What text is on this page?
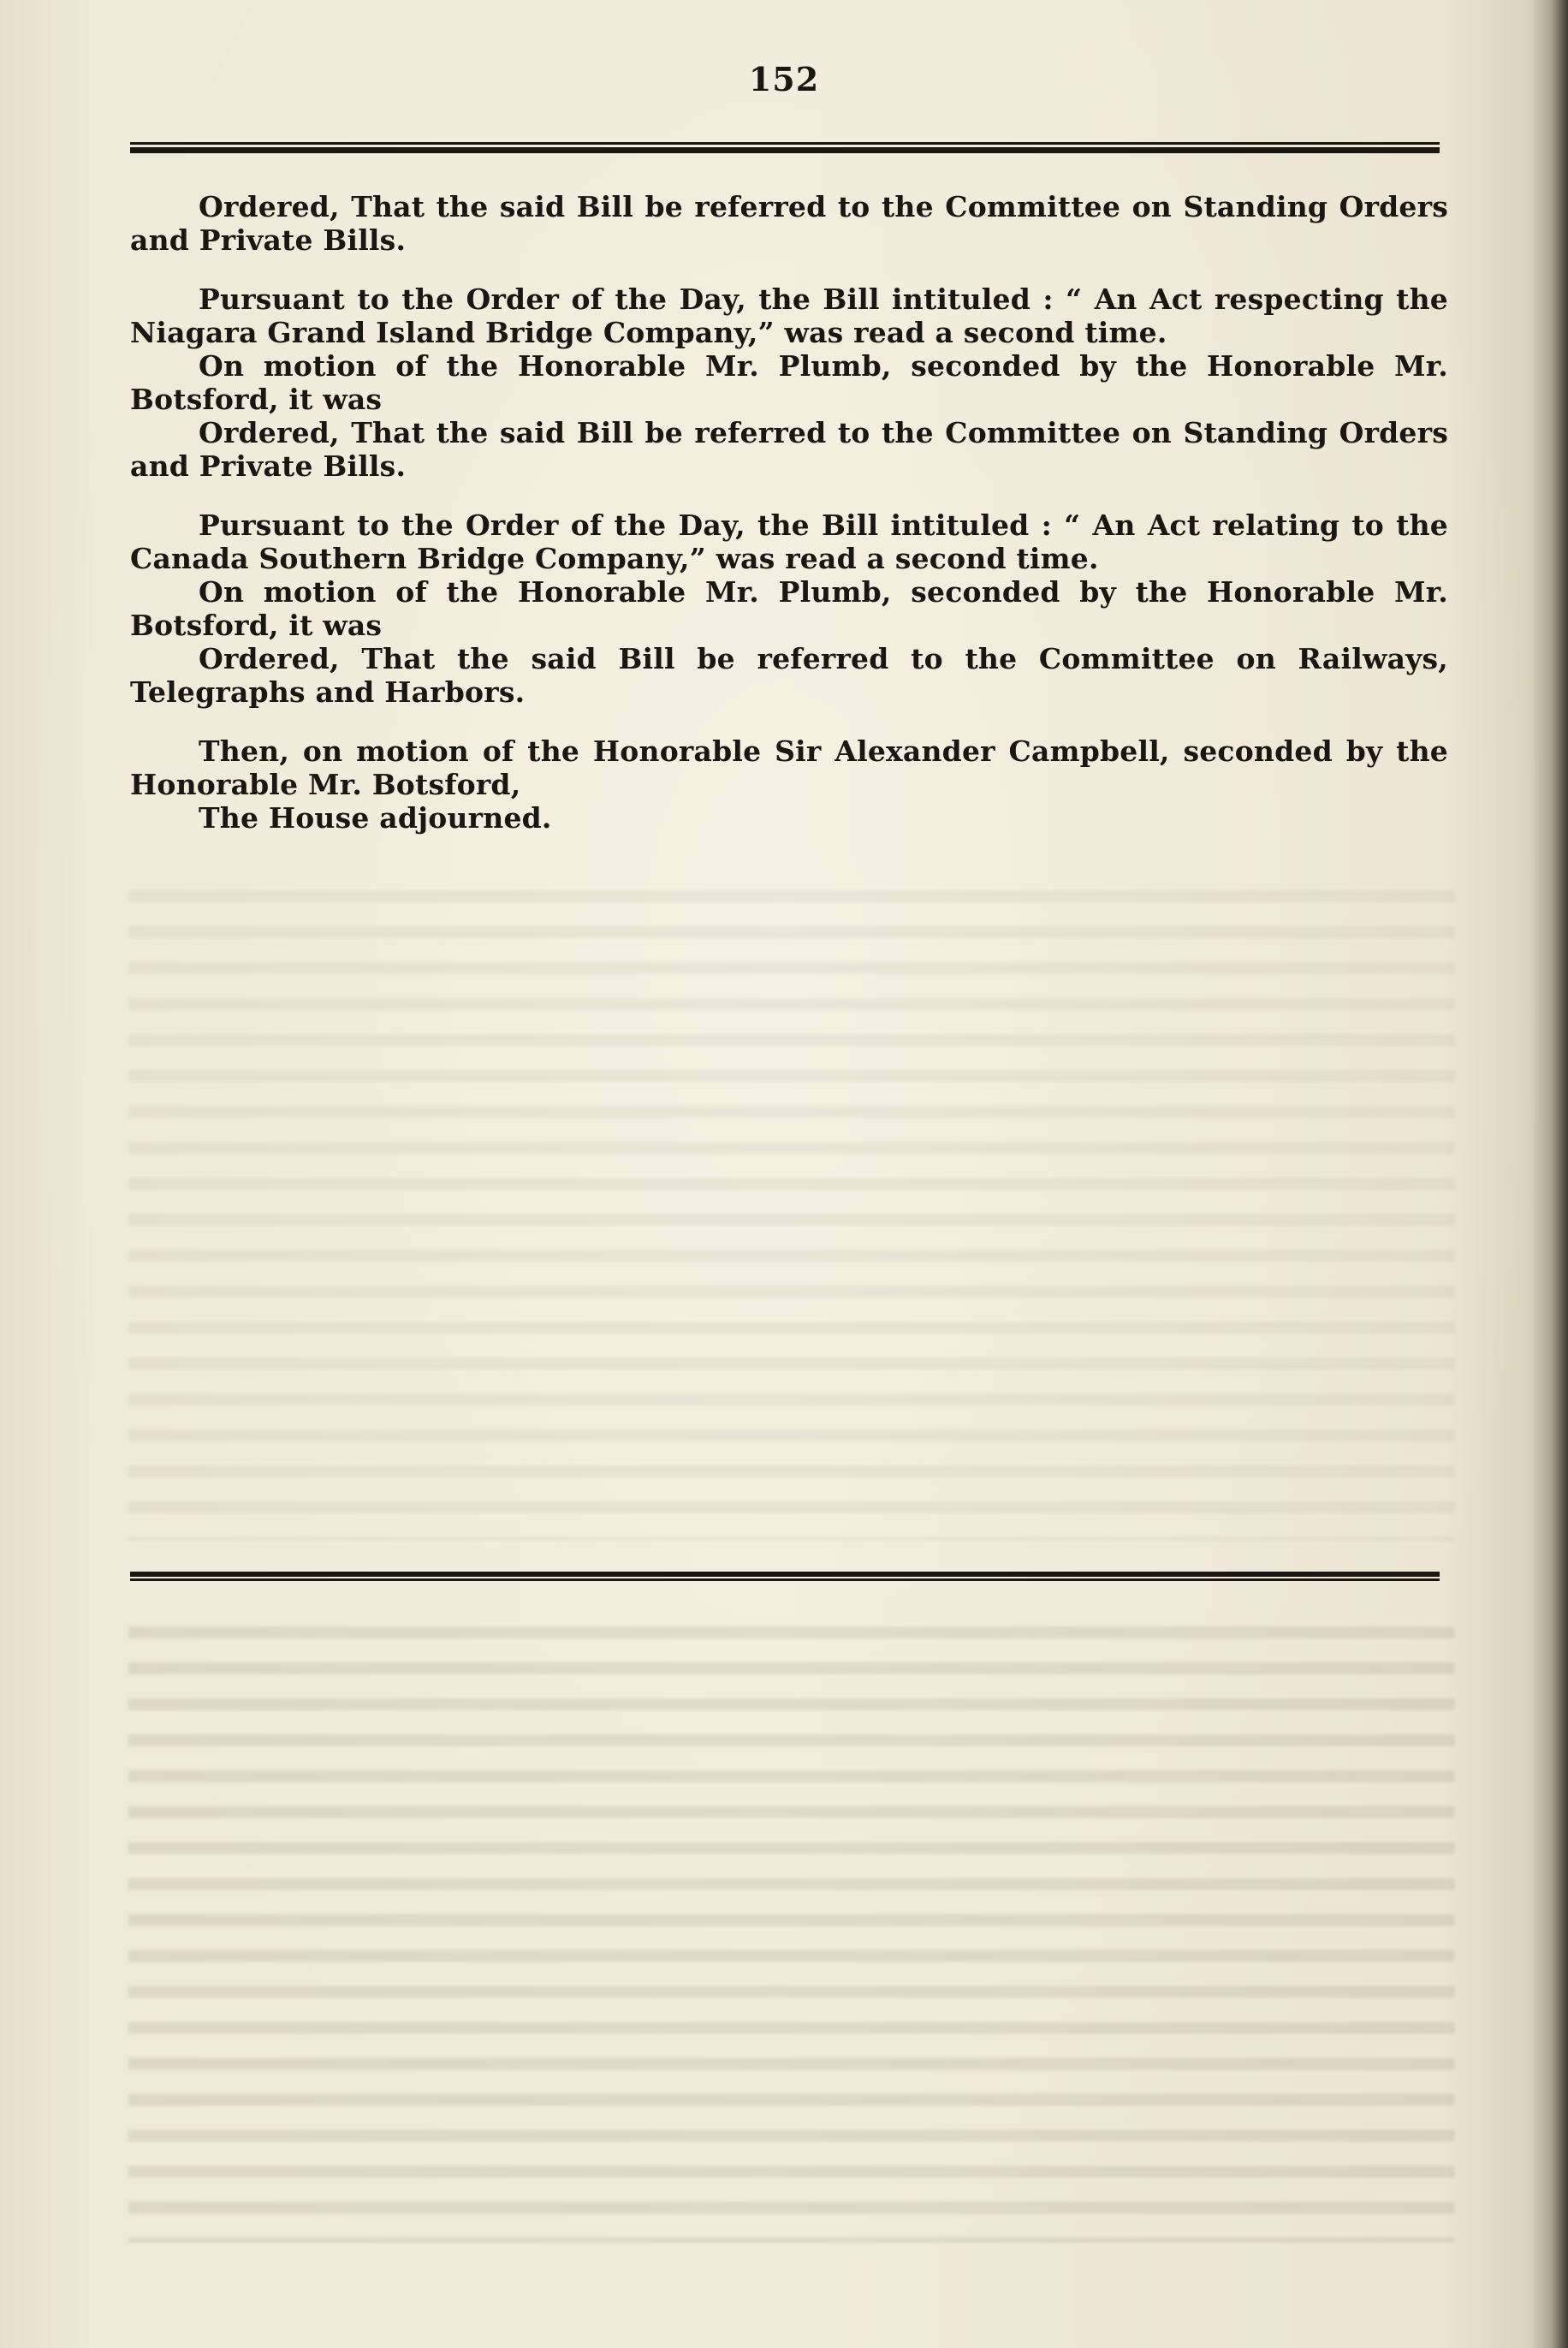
152

Ordered, That the said Bill be referred to the Committee on Standing Orders and Private Bills.

Pursuant to the Order of the Day, the Bill intituled : “ An Act respecting the Niagara Grand Island Bridge Company,” was read a second time.

On motion of the Honorable Mr. Plumb, seconded by the Honorable Mr. Botsford, it was

Ordered, That the said Bill be referred to the Committee on Standing Orders and Private Bills.

Pursuant to the Order of the Day, the Bill intituled : “ An Act relating to the Canada Southern Bridge Company,” was read a second time.

On motion of the Honorable Mr. Plumb, seconded by the Honorable Mr. Botsford, it was

Ordered, That the said Bill be referred to the Committee on Railways, Telegraphs and Harbors.

Then, on motion of the Honorable Sir Alexander Campbell, seconded by the Honorable Mr. Botsford,

The House adjourned.
